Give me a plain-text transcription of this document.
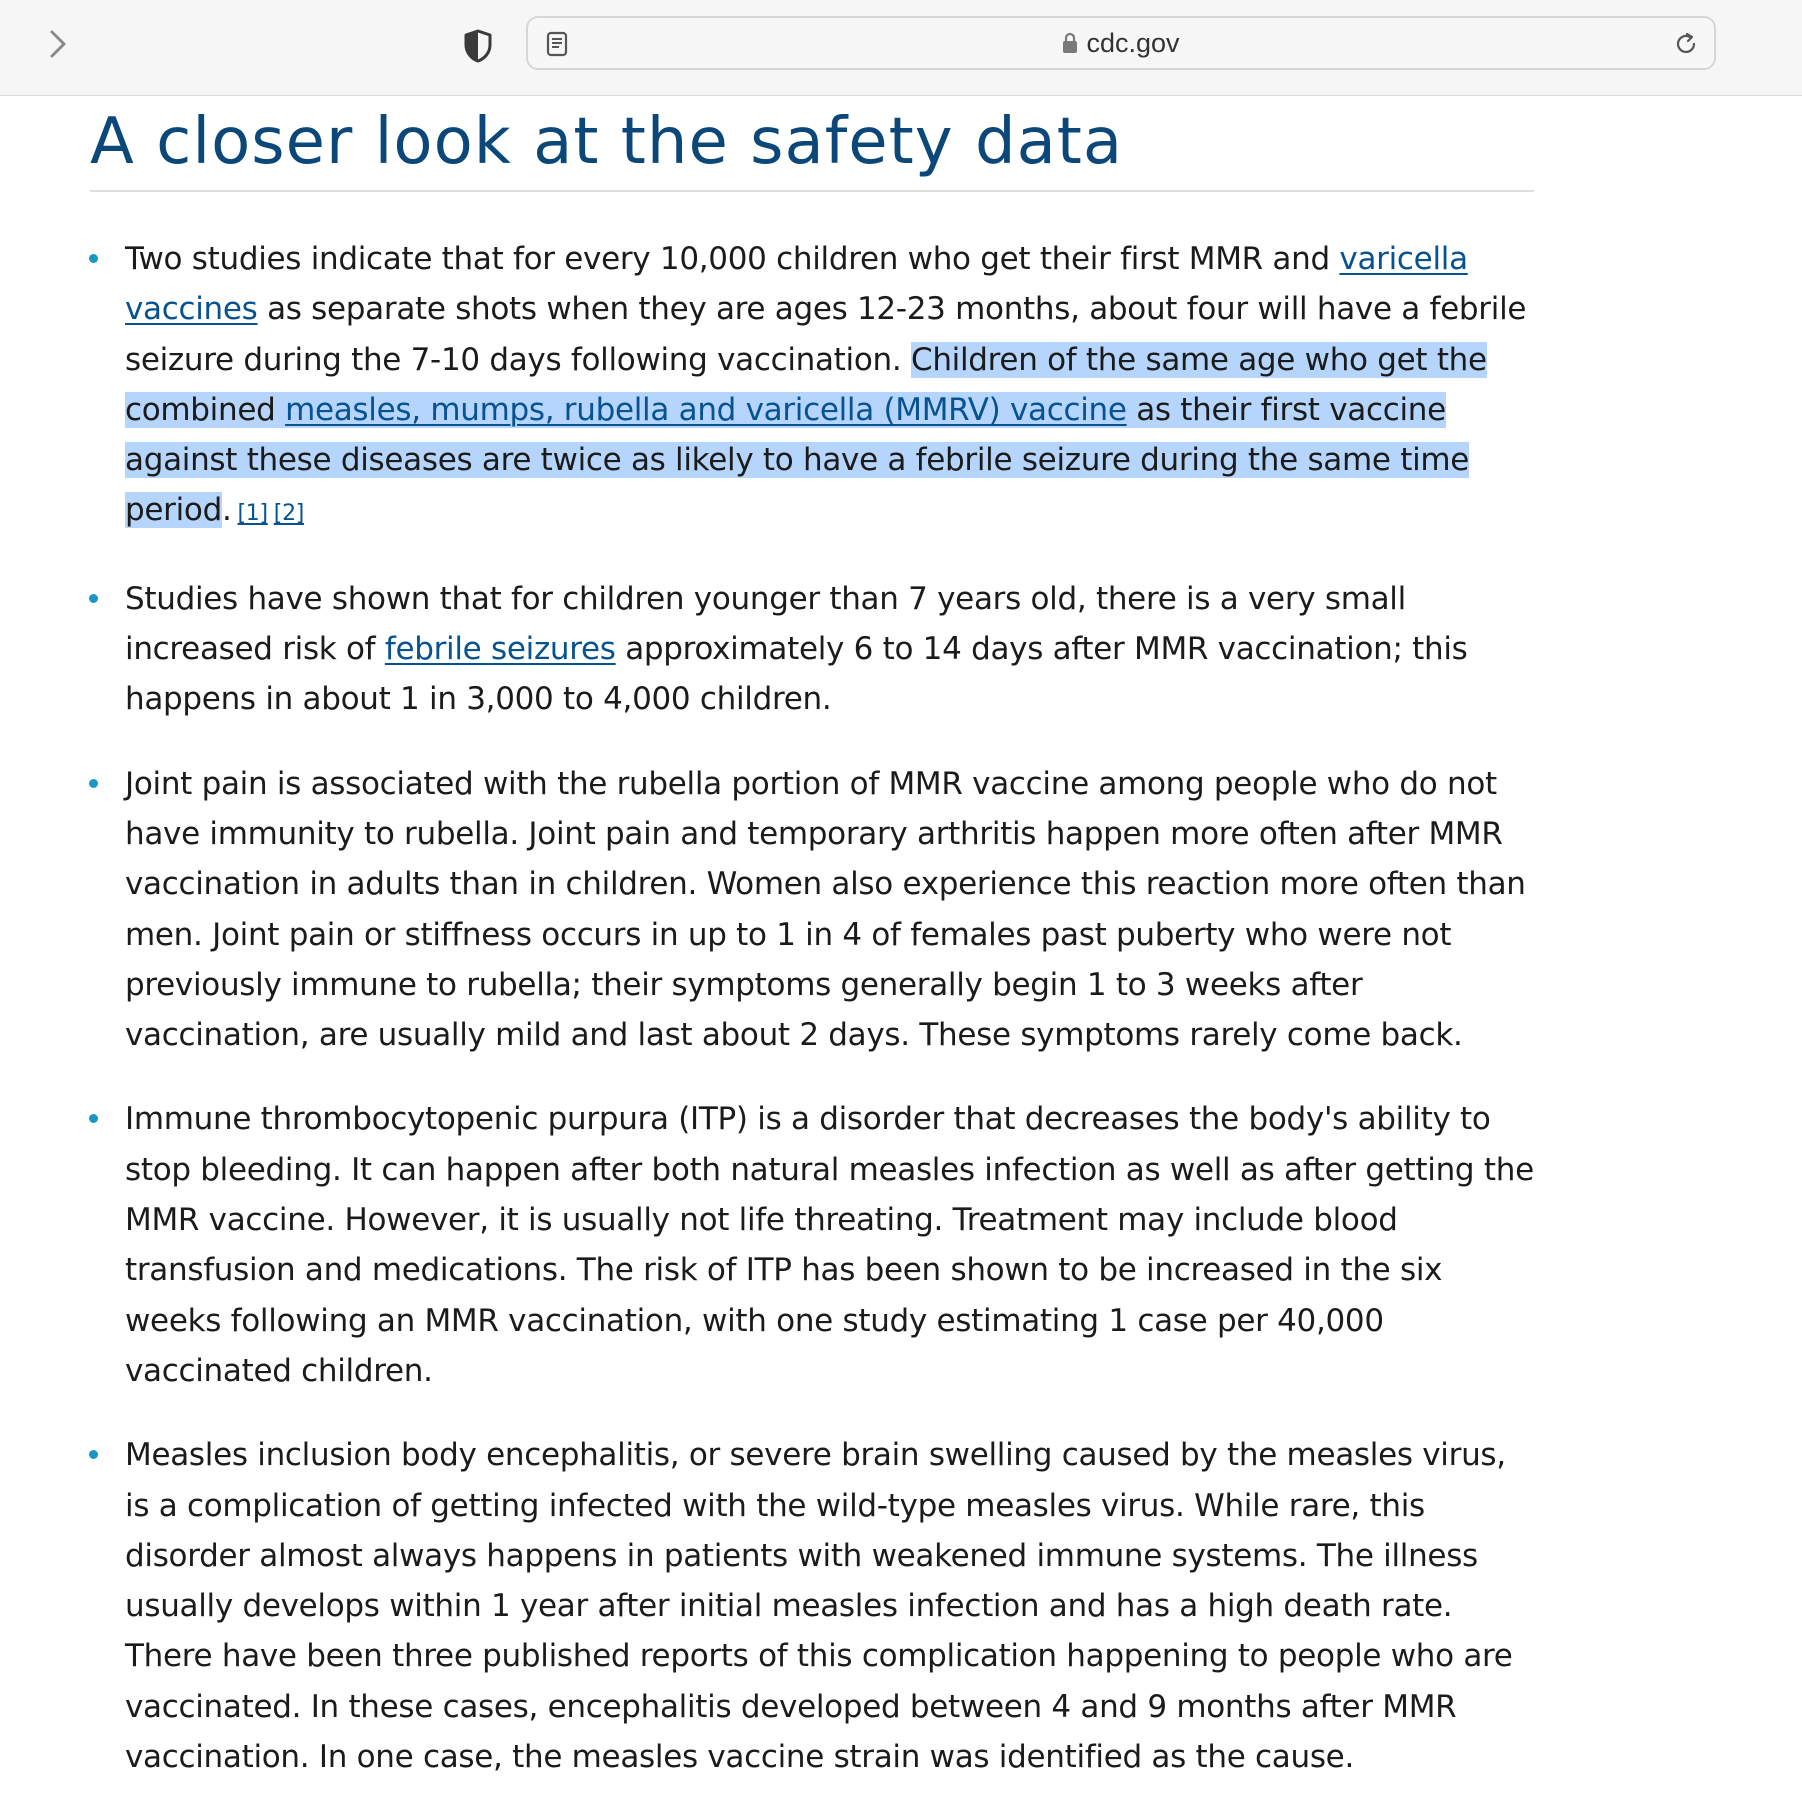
cdc.gov
A closer look at the safety data
Two studies indicate that for every 10,000 children who get their first MMR and varicella vaccines as separate shots when they are ages 12-23 months, about four will have a febrile seizure during the 7-10 days following vaccination. Children of the same age who get the combined measles, mumps, rubella and varicella (MMRV) vaccine as their first vaccine against these diseases are twice as likely to have a febrile seizure during the same time period. [1] [2]
Studies have shown that for children younger than 7 years old, there is a very small increased risk of febrile seizures approximately 6 to 14 days after MMR vaccination; this happens in about 1 in 3,000 to 4,000 children.
Joint pain is associated with the rubella portion of MMR vaccine among people who do not have immunity to rubella. Joint pain and temporary arthritis happen more often after MMR vaccination in adults than in children. Women also experience this reaction more often than men. Joint pain or stiffness occurs in up to 1 in 4 of females past puberty who were not previously immune to rubella; their symptoms generally begin 1 to 3 weeks after vaccination, are usually mild and last about 2 days. These symptoms rarely come back.
Immune thrombocytopenic purpura (ITP) is a disorder that decreases the body's ability to stop bleeding. It can happen after both natural measles infection as well as after getting the MMR vaccine. However, it is usually not life threating. Treatment may include blood transfusion and medications. The risk of ITP has been shown to be increased in the six weeks following an MMR vaccination, with one study estimating 1 case per 40,000 vaccinated children.
Measles inclusion body encephalitis, or severe brain swelling caused by the measles virus, is a complication of getting infected with the wild-type measles virus. While rare, this disorder almost always happens in patients with weakened immune systems. The illness usually develops within 1 year after initial measles infection and has a high death rate. There have been three published reports of this complication happening to people who are vaccinated. In these cases, encephalitis developed between 4 and 9 months after MMR vaccination. In one case, the measles vaccine strain was identified as the cause.
